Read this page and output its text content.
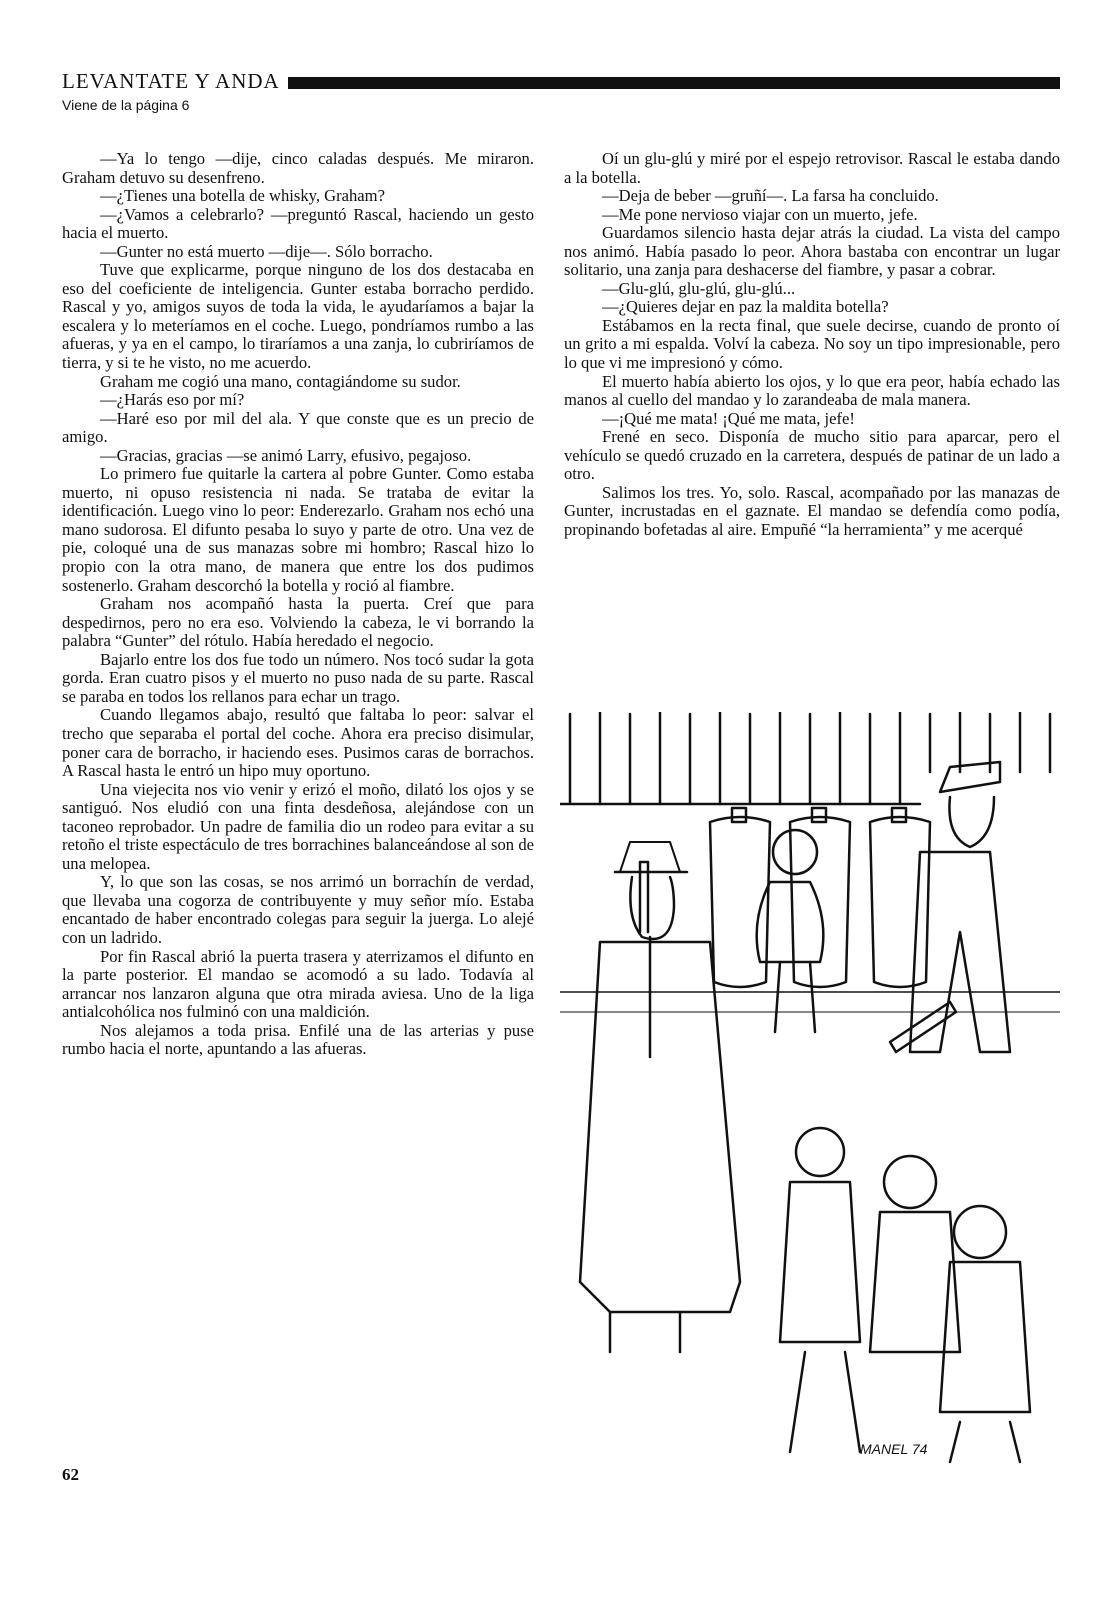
LEVANTATE Y ANDA
Viene de la página 6

—Ya lo tengo —dije, cinco caladas después. Me miraron. Graham detuvo su desenfreno.

—¿Tienes una botella de whisky, Graham?

—¿Vamos a celebrarlo? —preguntó Rascal, haciendo un gesto hacia el muerto.

—Gunter no está muerto —dije—. Sólo borracho.

Tuve que explicarme, porque ninguno de los dos destacaba en eso del coeficiente de inteligencia. Gunter estaba borracho perdido. Rascal y yo, amigos suyos de toda la vida, le ayudaríamos a bajar la escalera y lo meteríamos en el coche. Luego, pondríamos rumbo a las afueras, y ya en el campo, lo tiraríamos a una zanja, lo cubriríamos de tierra, y si te he visto, no me acuerdo.

Graham me cogió una mano, contagiándome su sudor.

—¿Harás eso por mí?

—Haré eso por mil del ala. Y que conste que es un precio de amigo.

—Gracias, gracias —se animó Larry, efusivo, pegajoso.

Lo primero fue quitarle la cartera al pobre Gunter. Como estaba muerto, ni opuso resistencia ni nada. Se trataba de evitar la identificación. Luego vino lo peor: Enderezarlo. Graham nos echó una mano sudorosa. El difunto pesaba lo suyo y parte de otro. Una vez de pie, coloqué una de sus manazas sobre mi hombro; Rascal hizo lo propio con la otra mano, de manera que entre los dos pudimos sostenerlo. Graham descorchó la botella y roció al fiambre.

Graham nos acompañó hasta la puerta. Creí que para despedirnos, pero no era eso. Volviendo la cabeza, le vi borrando la palabra “Gunter” del rótulo. Había heredado el negocio.

Bajarlo entre los dos fue todo un número. Nos tocó sudar la gota gorda. Eran cuatro pisos y el muerto no puso nada de su parte. Rascal se paraba en todos los rellanos para echar un trago.

Cuando llegamos abajo, resultó que faltaba lo peor: salvar el trecho que separaba el portal del coche. Ahora era preciso disimular, poner cara de borracho, ir haciendo eses. Pusimos caras de borrachos. A Rascal hasta le entró un hipo muy oportuno.

Una viejecita nos vio venir y erizó el moño, dilató los ojos y se santiguó. Nos eludió con una finta desdeñosa, alejándose con un taconeo reprobador. Un padre de familia dio un rodeo para evitar a su retoño el triste espectáculo de tres borrachines balanceándose al son de una melopea.

Y, lo que son las cosas, se nos arrimó un borrachín de verdad, que llevaba una cogorza de contribuyente y muy señor mío. Estaba encantado de haber encontrado colegas para seguir la juerga. Lo alejé con un ladrido.

Por fin Rascal abrió la puerta trasera y aterrizamos el difunto en la parte posterior. El mandao se acomodó a su lado. Todavía al arrancar nos lanzaron alguna que otra mirada aviesa. Uno de la liga antialcohólica nos fulminó con una maldición.

Nos alejamos a toda prisa. Enfilé una de las arterias y puse rumbo hacia el norte, apuntando a las afueras.

Oí un glu-glú y miré por el espejo retrovisor. Rascal le estaba dando a la botella.

—Deja de beber —gruñí—. La farsa ha concluido.

—Me pone nervioso viajar con un muerto, jefe.

Guardamos silencio hasta dejar atrás la ciudad. La vista del campo nos animó. Había pasado lo peor. Ahora bastaba con encontrar un lugar solitario, una zanja para deshacerse del fiambre, y pasar a cobrar.

—Glu-glú, glu-glú, glu-glú...

—¿Quieres dejar en paz la maldita botella?

Estábamos en la recta final, que suele decirse, cuando de pronto oí un grito a mi espalda. Volví la cabeza. No soy un tipo impresionable, pero lo que vi me impresionó y cómo.

El muerto había abierto los ojos, y lo que era peor, había echado las manos al cuello del mandao y lo zarandeaba de mala manera.

—¡Qué me mata! ¡Qué me mata, jefe!

Frené en seco. Disponía de mucho sitio para aparcar, pero el vehículo se quedó cruzado en la carretera, después de patinar de un lado a otro.

Salimos los tres. Yo, solo. Rascal, acompañado por las manazas de Gunter, incrustadas en el gaznate. El mandao se defendía como podía, propinando bofetadas al aire. Empuñé “la herramienta” y me acerqué

MANEL 74
62
